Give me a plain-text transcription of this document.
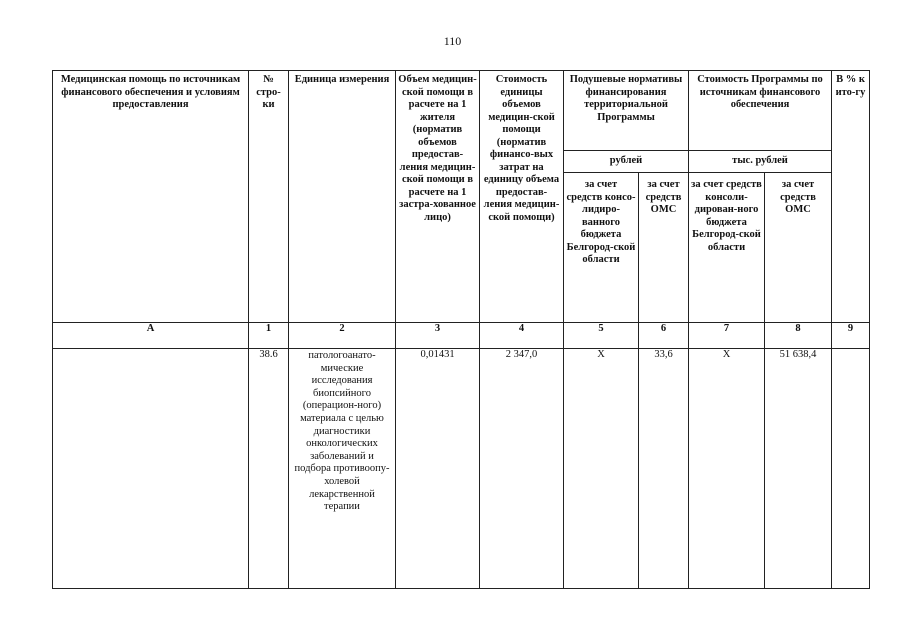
110
Медицинская помощь по источникам финансового обеспечения и условиям предоставления	№ стро-ки	Единица измерения	Объем медицин-ской помощи в расчете на 1 жителя (норматив объемов предостав-ления медицин-ской помощи в расчете на 1 застра-хованное лицо)	Стоимость единицы объемов медицин-ской помощи (норматив финансо-вых затрат на единицу объема предостав-ления медицин-ской помощи)	Подушевые нормативы финансирования территориальной Программы		Стоимость Программы по источникам финансового обеспечения		В % к ито-гу
					рублей		тыс. рублей		
					за счет средств консо-лидиро-ванного бюджета Белгород-ской области	за счет средств ОМС	за счет средств консоли-дирован-ного бюджета Белгород-ской области	за счет средств ОМС	
А	1	2	3	4	5	6	7	8	9
	38.6	патологоанато-мические исследования биопсийного (операцион-ного) материала с целью диагностики онкологических заболеваний и подбора противоопу-холевой лекарственной терапии	0,01431	2 347,0	Х	33,6	Х	51 638,4	
